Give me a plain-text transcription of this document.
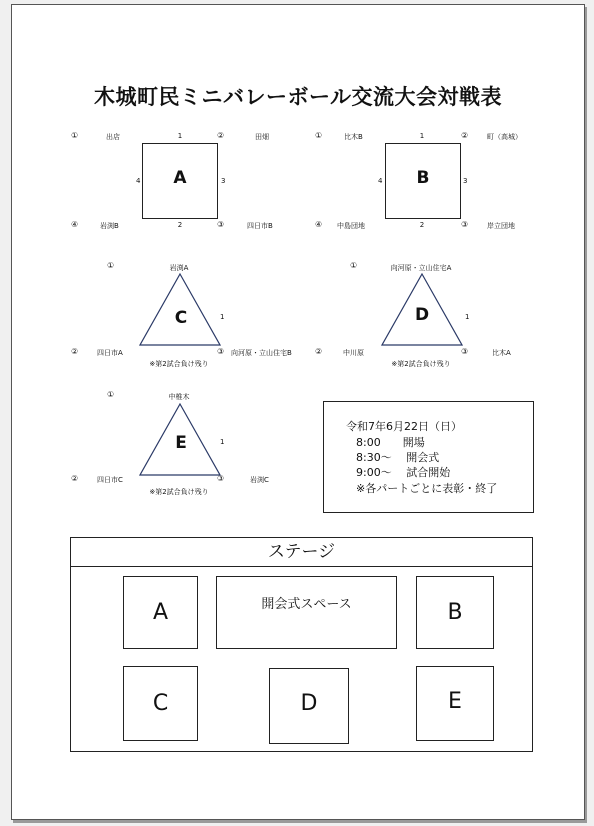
木城町民ミニバレーボール交流大会対戦表
①	出店	1	②	田畑
A
4	3
④	岩渕B	2	③	四日市B
①	比木B	1	②	町（高城）
B
4	3
④ 中島団地	2	③	岸立団地
①	岩渕A
C	1
②	四日市A	③ 向河原・立山住宅B
※第2試合負け残り
①	向河原・立山住宅A
D	1
②	中川原	③	比木A
※第2試合負け残り
①	中椎木
E	1
②	四日市C	③	岩渕C
※第2試合負け残り
令和7年6月22日（日）
8:00　　開場
8:30～　 開会式
9:00～　 試合開始
※各パートごとに表彰・終了
ステージ
A	開会式スペース	B
C	D	E
